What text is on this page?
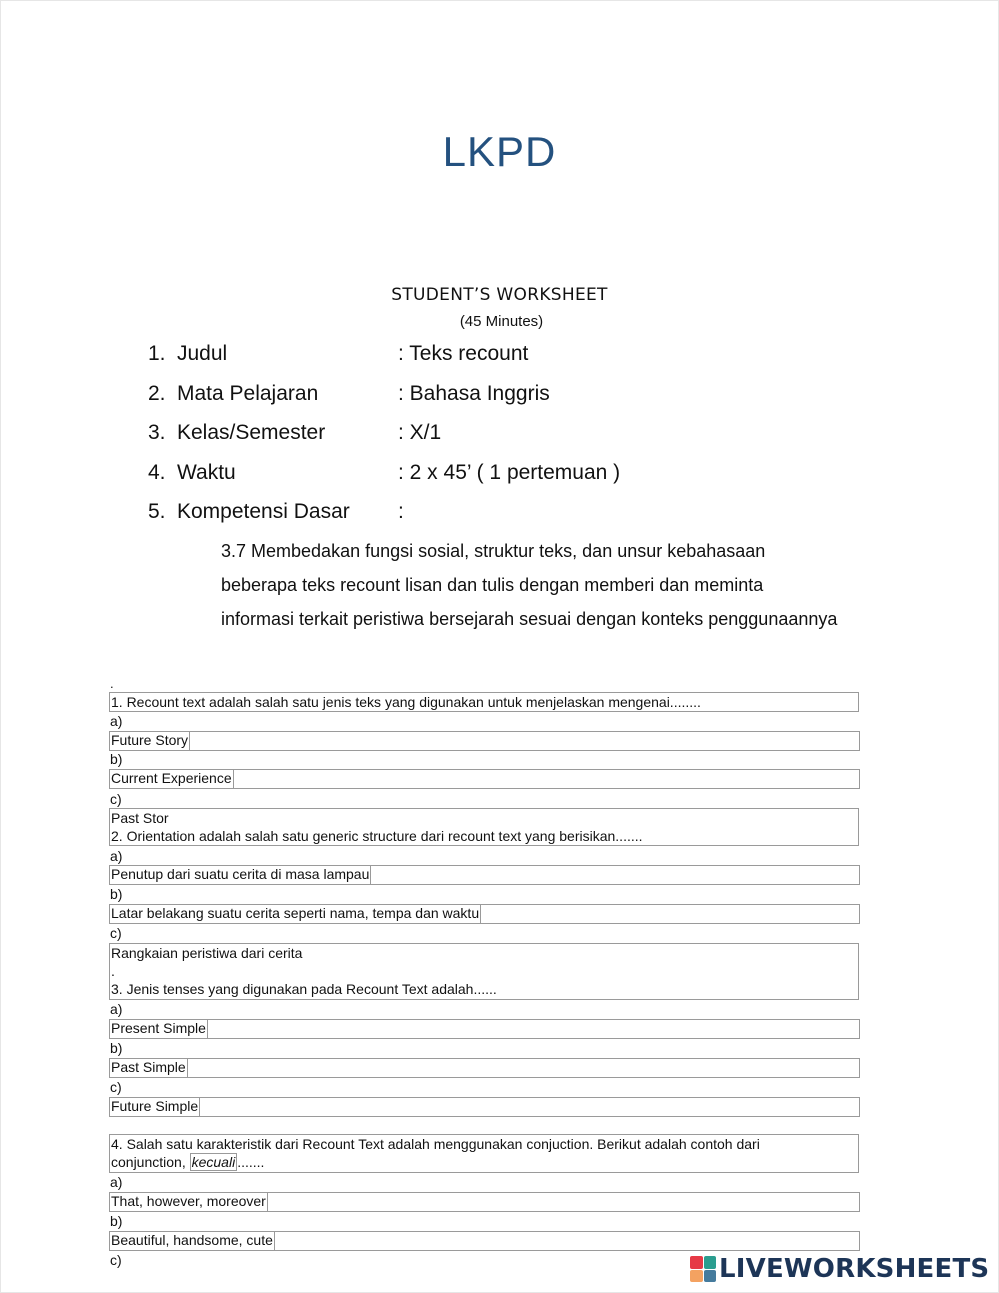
LKPD
STUDENT’S WORKSHEET
(45 Minutes)
1. Judul	: Teks recount
2. Mata Pelajaran	: Bahasa Inggris
3. Kelas/Semester	: X/1
4. Waktu	: 2 x 45’ ( 1 pertemuan )
5. Kompetensi Dasar :
3.7 Membedakan fungsi sosial, struktur teks, dan unsur kebahasaan beberapa teks recount lisan dan tulis dengan memberi dan meminta informasi terkait peristiwa bersejarah sesuai dengan konteks penggunaannya
.
1. Recount text adalah salah satu jenis teks yang digunakan untuk menjelaskan mengenai........
a)
Future Story
b)
Current Experience
c)
Past Stor
2. Orientation adalah salah satu generic structure dari recount text yang berisikan.......
a)
Penutup dari suatu cerita di masa lampau
b)
Latar belakang suatu cerita seperti nama, tempa dan waktu
c)
Rangkaian peristiwa dari cerita
.
3. Jenis tenses yang digunakan pada Recount Text adalah......
a)
Present Simple
b)
Past Simple
c)
Future Simple
4. Salah satu karakteristik dari Recount Text adalah menggunakan conjuction. Berikut adalah contoh dari
conjunction, kecuali .......
a)
That, however, moreover
b)
Beautiful, handsome, cute
c)	LIVEWORKSHEETS
